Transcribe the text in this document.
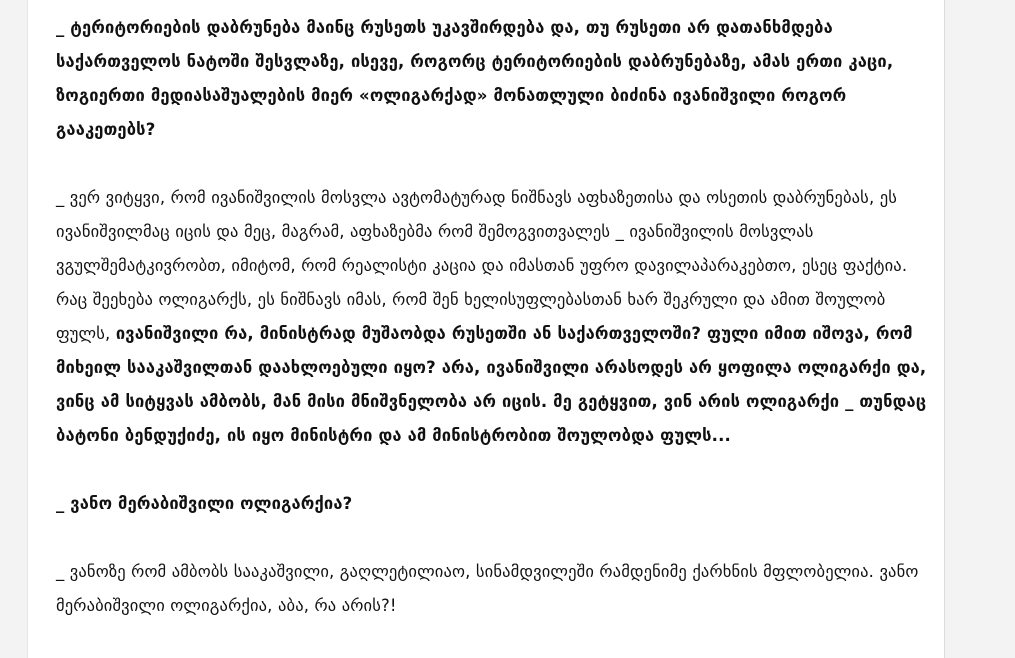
_ ტერიტორიების დაბრუნება მაინც რუსეთს უკავშირდება და, თუ რუსეთი არ დათანხმდება საქართველოს ნატოში შესვლაზე, ისევე, როგორც ტერიტორიების დაბრუნებაზე, ამას ერთი კაცი, ზოგიერთი მედიასაშუალების მიერ «ოლიგარქად» მონათლული ბიძინა ივანიშვილი როგორ გააკეთებს?

_ ვერ ვიტყვი, რომ ივანიშვილის მოსვლა ავტომატურად ნიშნავს აფხაზეთისა და ოსეთის დაბრუნებას, ეს ივანიშვილმაც იცის და მეც, მაგრამ, აფხაზებმა რომ შემოგვითვალეს _ ივანიშვილის მოსვლას ვგულშემატკივრობთ, იმიტომ, რომ რეალისტი კაცია და იმასთან უფრო დავილაპარაკებთო, ესეც ფაქტია. რაც შეეხება ოლიგარქს, ეს ნიშნავს იმას, რომ შენ ხელისუფლებასთან ხარ შეკრული და ამით შოულობ ფულს, ივანიშვილი რა, მინისტრად მუშაობდა რუსეთში ან საქართველოში? ფული იმით იშოვა, რომ მიხეილ სააკაშვილთან დაახლოებული იყო? არა, ივანიშვილი არასოდეს არ ყოფილა ოლიგარქი და, ვინც ამ სიტყვას ამბობს, მან მისი მნიშვნელობა არ იცის. მე გეტყვით, ვინ არის ოლიგარქი _ თუნდაც ბატონი ბენდუქიძე, ის იყო მინისტრი და ამ მინისტრობით შოულობდა ფულს...

_ ვანო მერაბიშვილი ოლიგარქია?

_ ვანოზე რომ ამბობს სააკაშვილი, გაღლეტილიაო, სინამდვილეში რამდენიმე ქარხნის მფლობელია. ვანო მერაბიშვილი ოლიგარქია, აბა, რა არის?!
